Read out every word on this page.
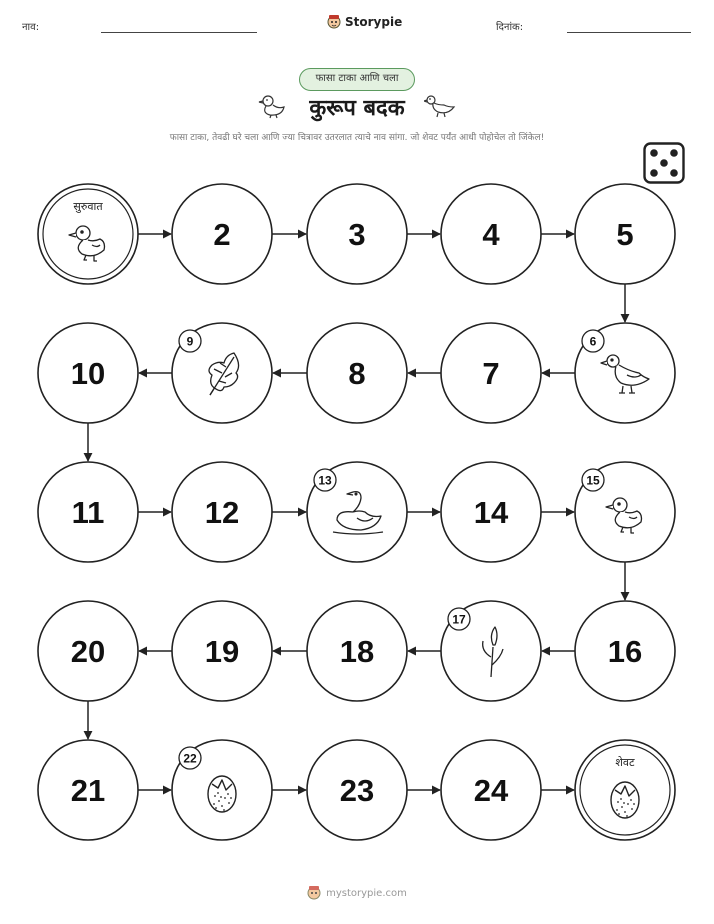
नाव:	Storypie	दिनांक:
फासा टाका आणि चला
कुरूप बदक
फासा टाका, तेवढी घरे चला आणि ज्या चित्रावर उतरलात त्याचे नाव सांगा. जो शेवट पर्यंत आधी पोहोचेल तो जिंकेल!
सुरुवात
2	3	4	5
6
7
8
9
10
11	12
13
14
15
16
17
18
19
20
21
22
23	24
शेवट
mystorypie.com
